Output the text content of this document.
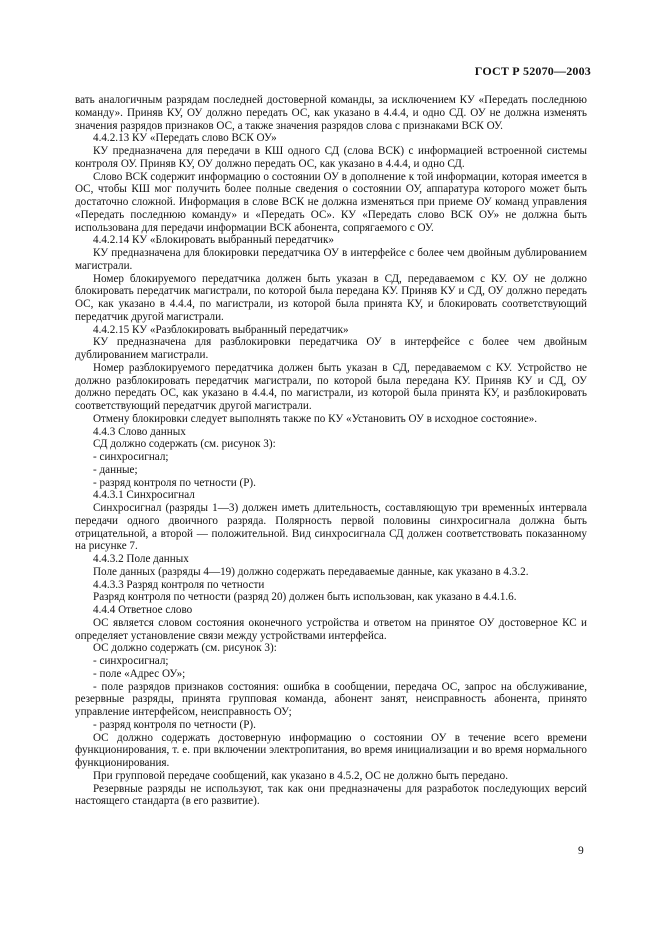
ГОСТ Р 52070—2003

вать аналогичным разрядам последней достоверной команды, за исключением КУ «Передать последнюю команду». Приняв КУ, ОУ должно передать ОС, как указано в 4.4.4, и одно СД. ОУ не должна изменять значения разрядов признаков ОС, а также значения разрядов слова с признаками ВСК ОУ.

4.4.2.13 КУ «Передать слово ВСК ОУ»

КУ предназначена для передачи в КШ одного СД (слова ВСК) с информацией встроенной системы контроля ОУ. Приняв КУ, ОУ должно передать ОС, как указано в 4.4.4, и одно СД.

Слово ВСК содержит информацию о состоянии ОУ в дополнение к той информации, которая имеется в ОС, чтобы КШ мог получить более полные сведения о состоянии ОУ, аппаратура которого может быть достаточно сложной. Информация в слове ВСК не должна изменяться при приеме ОУ команд управления «Передать последнюю команду» и «Передать ОС». КУ «Передать слово ВСК ОУ» не должна быть использована для передачи информации ВСК абонента, сопрягаемого с ОУ.

4.4.2.14 КУ «Блокировать выбранный передатчик»

КУ предназначена для блокировки передатчика ОУ в интерфейсе с более чем двойным дублированием магистрали.

Номер блокируемого передатчика должен быть указан в СД, передаваемом с КУ. ОУ не должно блокировать передатчик магистрали, по которой была передана КУ. Приняв КУ и СД, ОУ должно передать ОС, как указано в 4.4.4, по магистрали, из которой была принята КУ, и блокировать соответствующий передатчик другой магистрали.

4.4.2.15 КУ «Разблокировать выбранный передатчик»

КУ предназначена для разблокировки передатчика ОУ в интерфейсе с более чем двойным дублированием магистрали.

Номер разблокируемого передатчика должен быть указан в СД, передаваемом с КУ. Устройство не должно разблокировать передатчик магистрали, по которой была передана КУ. Приняв КУ и СД, ОУ должно передать ОС, как указано в 4.4.4, по магистрали, из которой была принята КУ, и разблокировать соответствующий передатчик другой магистрали.

Отмену блокировки следует выполнять также по КУ «Установить ОУ в исходное состояние».

4.4.3 Слово данных

СД должно содержать (см. рисунок 3):

- синхросигнал;

- данные;

- разряд контроля по четности (Р).

4.4.3.1 Синхросигнал

Синхросигнал (разряды 1—3) должен иметь длительность, составляющую три временны́х интервала передачи одного двоичного разряда. Полярность первой половины синхросигнала должна быть отрицательной, а второй — положительной. Вид синхросигнала СД должен соответствовать показанному на рисунке 7.

4.4.3.2 Поле данных

Поле данных (разряды 4—19) должно содержать передаваемые данные, как указано в 4.3.2.

4.4.3.3 Разряд контроля по четности

Разряд контроля по четности (разряд 20) должен быть использован, как указано в 4.4.1.6.

4.4.4 Ответное слово

ОС является словом состояния оконечного устройства и ответом на принятое ОУ достоверное КС и определяет установление связи между устройствами интерфейса.

ОС должно содержать (см. рисунок 3):

- синхросигнал;

- поле «Адрес ОУ»;

- поле разрядов признаков состояния: ошибка в сообщении, передача ОС, запрос на обслуживание, резервные разряды, принята групповая команда, абонент занят, неисправность абонента, принято управление интерфейсом, неисправность ОУ;

- разряд контроля по четности (Р).

ОС должно содержать достоверную информацию о состоянии ОУ в течение всего времени функционирования, т. е. при включении электропитания, во время инициализации и во время нормального функционирования.

При групповой передаче сообщений, как указано в 4.5.2, ОС не должно быть передано.

Резервные разряды не используют, так как они предназначены для разработок последующих версий настоящего стандарта (в его развитие).

9
